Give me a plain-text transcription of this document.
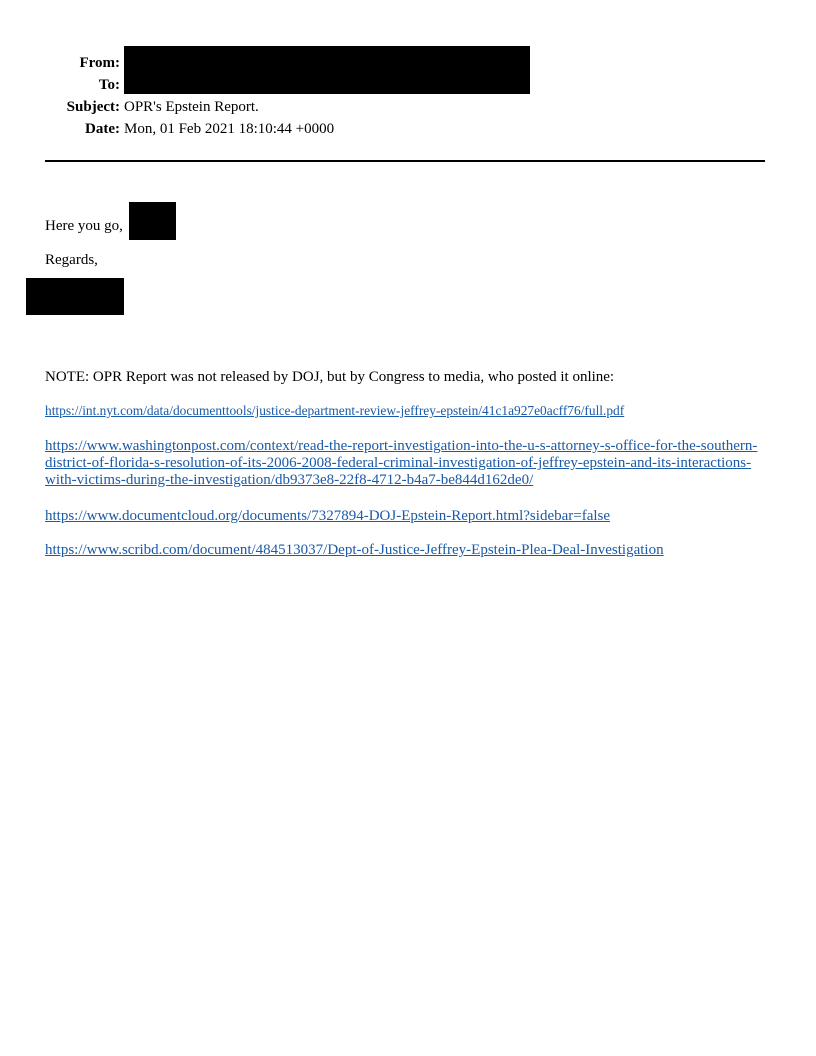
From:
To:
Subject:
Date:
OPR's Epstein Report.
Mon, 01 Feb 2021 18:10:44 +0000
Here you go,
Regards,
NOTE: OPR Report was not released by DOJ, but by Congress to media, who posted it online:
https://int.nyt.com/data/documenttools/justice-department-review-jeffrey-epstein/41c1a927e0acff76/full.pdf
https://www.washingtonpost.com/context/read-the-report-investigation-into-the-u-s-attorney-s-office-for-the-southern-district-of-florida-s-resolution-of-its-2006-2008-federal-criminal-investigation-of-jeffrey-epstein-and-its-interactions-with-victims-during-the-investigation/db9373e8-22f8-4712-b4a7-be844d162de0/
https://www.documentcloud.org/documents/7327894-DOJ-Epstein-Report.html?sidebar=false
https://www.scribd.com/document/484513037/Dept-of-Justice-Jeffrey-Epstein-Plea-Deal-Investigation
